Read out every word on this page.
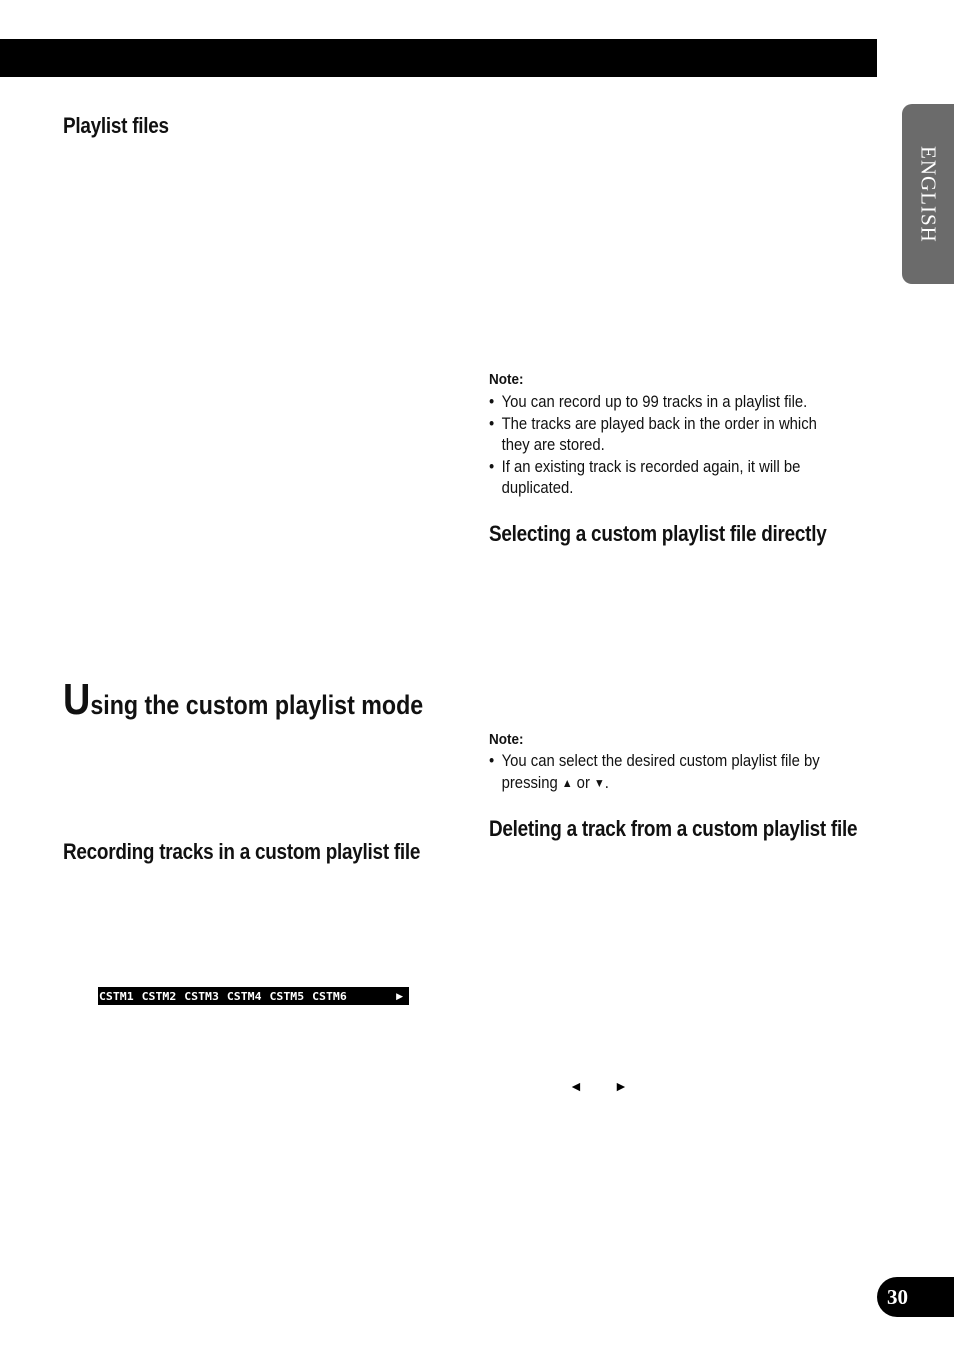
ENGLISH
Playlist files
Using the custom playlist mode
Recording tracks in a custom playlist file
CSTM1 CSTM2 CSTM3 CSTM4 CSTM5 CSTM6	▶
Note:
• You can record up to 99 tracks in a playlist file.
• The tracks are played back in the order in which they are stored.
• If an existing track is recorded again, it will be duplicated.
Selecting a custom playlist file directly
Note:
• You can select the desired custom playlist file by pressing ▲ or ▼.
Deleting a track from a custom playlist file
◄ ►
30
